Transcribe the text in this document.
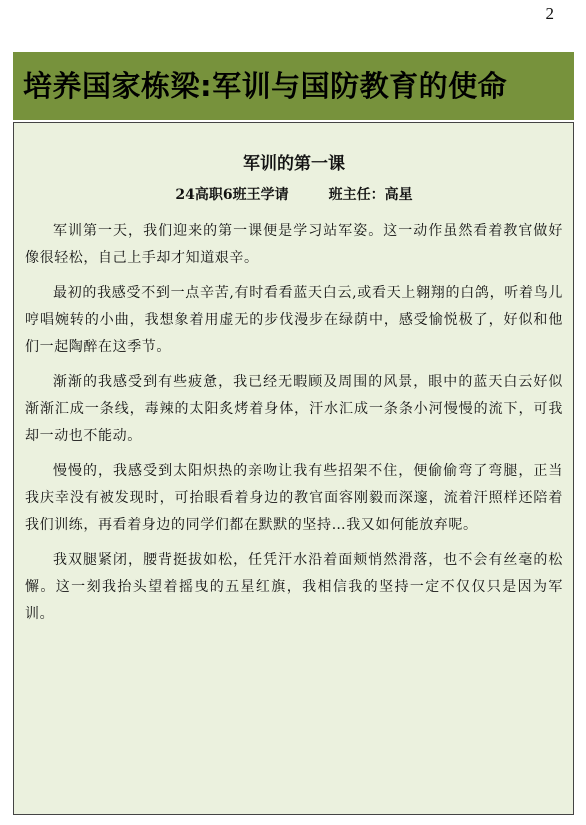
2
培养国家栋梁:军训与国防教育的使命
军训的第一课
24高职6班王学请	班主任：高星

军训第一天，我们迎来的第一课便是学习站军姿。这一动作虽然看着教官做好像很轻松，自己上手却才知道艰辛。

最初的我感受不到一点辛苦,有时看看蓝天白云,或看天上翱翔的白鸽，听着鸟儿哼唱婉转的小曲，我想象着用虚无的步伐漫步在绿荫中，感受愉悦极了，好似和他们一起陶醉在这季节。

渐渐的我感受到有些疲惫，我已经无暇顾及周围的风景，眼中的蓝天白云好似渐渐汇成一条线，毒辣的太阳炙烤着身体，汗水汇成一条条小河慢慢的流下，可我却一动也不能动。

慢慢的，我感受到太阳炽热的亲吻让我有些招架不住，便偷偷弯了弯腿，正当我庆幸没有被发现时，可抬眼看着身边的教官面容刚毅而深邃，流着汗照样还陪着我们训练，再看着身边的同学们都在默默的坚持…我又如何能放弃呢。

我双腿紧闭，腰背挺拔如松，任凭汗水沿着面颊悄然滑落，也不会有丝毫的松懈。这一刻我抬头望着摇曳的五星红旗，我相信我的坚持一定不仅仅只是因为军训。
